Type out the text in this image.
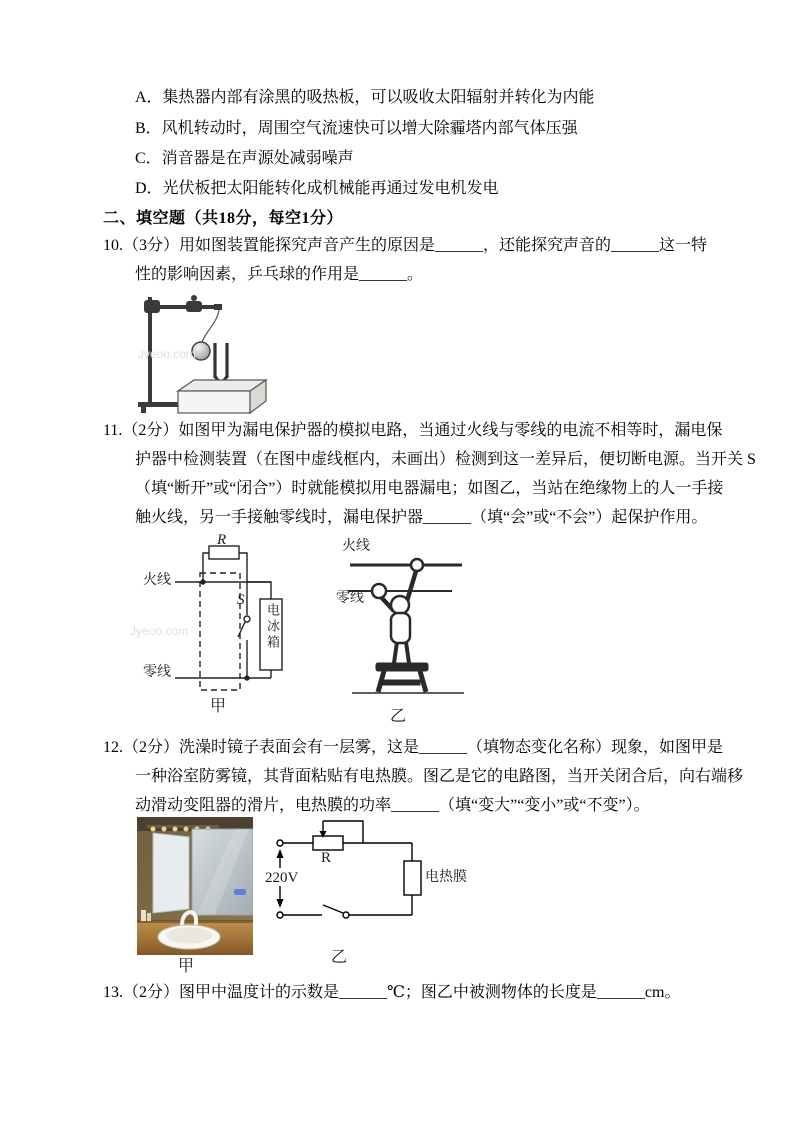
A．集热器内部有涂黑的吸热板，可以吸收太阳辐射并转化为内能
B．风机转动时，周围空气流速快可以增大除霾塔内部气体压强
C．消音器是在声源处减弱噪声
D．光伏板把太阳能转化成机械能再通过发电机发电
二、填空题（共18分，每空1分）
10.（3分）用如图装置能探究声音产生的原因是______，还能探究声音的______这一特
性的影响因素，乒乓球的作用是______。
Jyeoo.com
11.（2分）如图甲为漏电保护器的模拟电路，当通过火线与零线的电流不相等时，漏电保
护器中检测装置（在图中虚线框内，未画出）检测到这一差异后，便切断电源。当开关 S
（填“断开”或“闭合”）时就能模拟用电器漏电；如图乙，当站在绝缘物上的人一手接
触火线，另一手接触零线时，漏电保护器______（填“会”或“不会”）起保护作用。
火线
零线
R
S
电冰箱
甲
火线
零线
乙
Jyeoo.com
12.（2分）洗澡时镜子表面会有一层雾，这是______（填物态变化名称）现象，如图甲是
一种浴室防雾镜，其背面粘贴有电热膜。图乙是它的电路图，当开关闭合后，向右端移
动滑动变阻器的滑片，电热膜的功率______（填“变大”“变小”或“不变”）。
220V
R
电热膜
甲
乙
13.（2分）图甲中温度计的示数是______℃；图乙中被测物体的长度是______cm。
